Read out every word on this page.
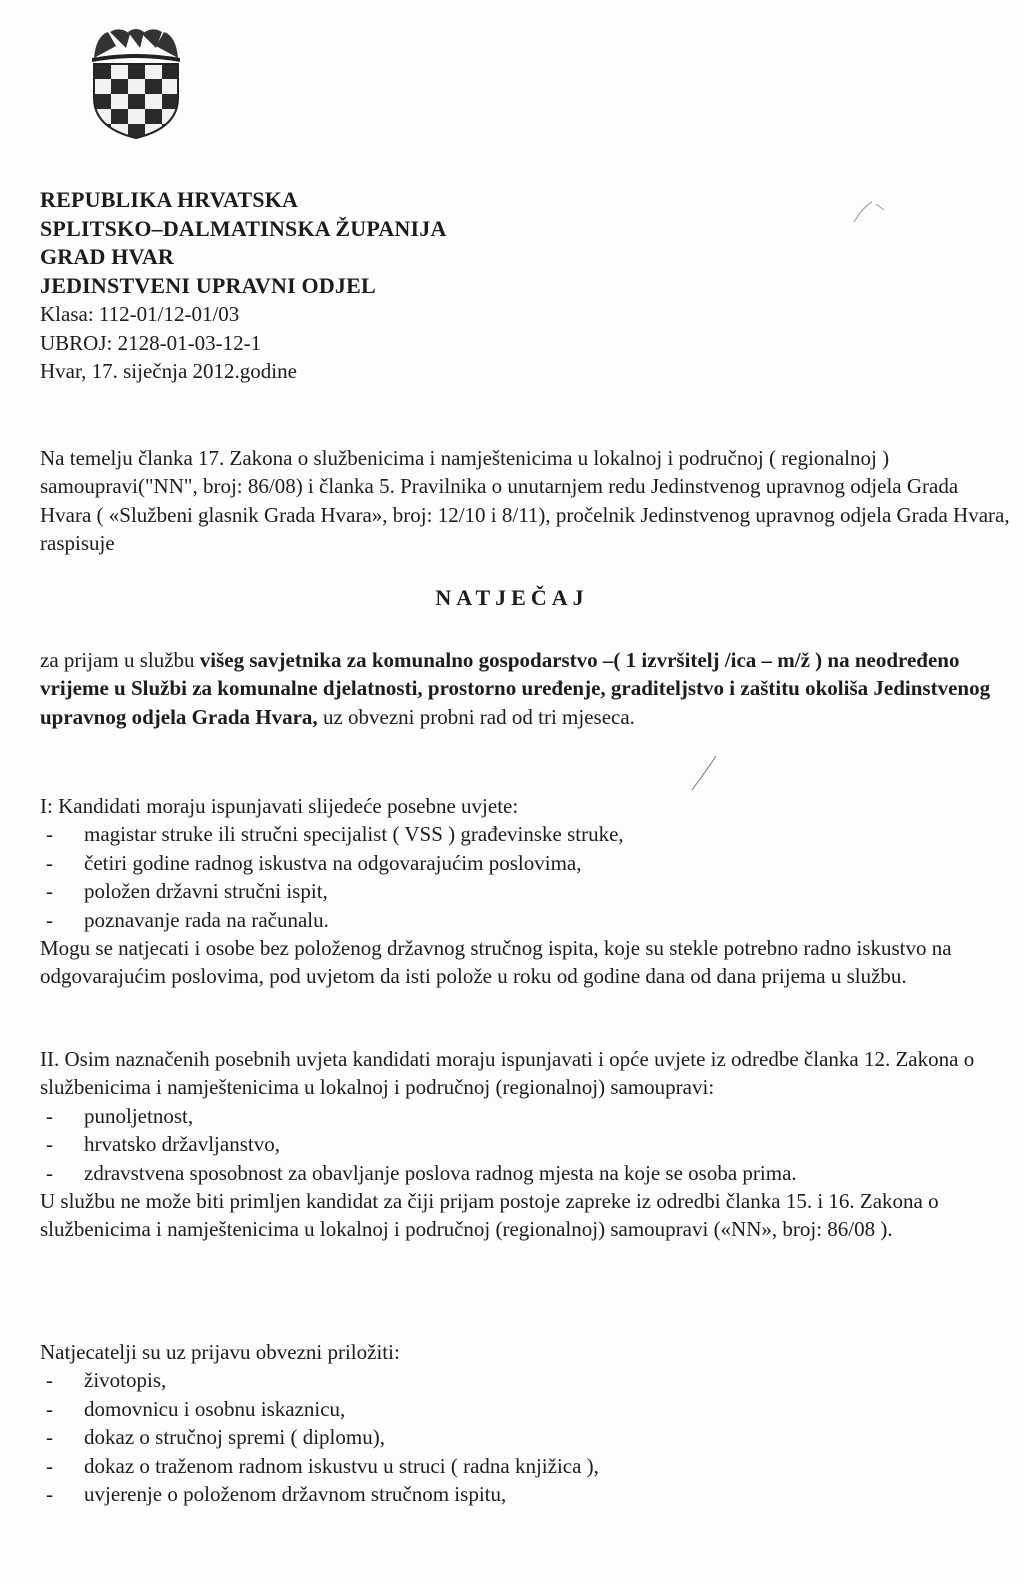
REPUBLIKA HRVATSKA
SPLITSKO–DALMATINSKA ŽUPANIJA
GRAD HVAR
JEDINSTVENI UPRAVNI ODJEL
Klasa: 112-01/12-01/03
UBROJ: 2128-01-03-12-1
Hvar, 17. siječnja 2012.godine
Na temelju članka 17. Zakona o službenicima i namještenicima u lokalnoj i područnoj ( regionalnoj ) samoupravi("NN", broj: 86/08) i članka 5. Pravilnika o unutarnjem redu Jedinstvenog upravnog odjela Grada Hvara ( «Službeni glasnik Grada Hvara», broj: 12/10 i 8/11), pročelnik Jedinstvenog upravnog odjela Grada Hvara, raspisuje
NATJEČAJ
za prijam u službu višeg savjetnika za komunalno gospodarstvo –( 1 izvršitelj /ica – m/ž ) na neodređeno vrijeme u Službi za komunalne djelatnosti, prostorno uređenje, graditeljstvo i zaštitu okoliša Jedinstvenog upravnog odjela Grada Hvara, uz obvezni probni rad od tri mjeseca.
I: Kandidati moraju ispunjavati slijedeće posebne uvjete:
- magistar struke ili stručni specijalist ( VSS ) građevinske struke,
- četiri godine radnog iskustva na odgovarajućim poslovima,
- položen državni stručni ispit,
- poznavanje rada na računalu.
Mogu se natjecati i osobe bez položenog državnog stručnog ispita, koje su stekle potrebno radno iskustvo na odgovarajućim poslovima, pod uvjetom da isti polože u roku od godine dana od dana prijema u službu.
II. Osim naznačenih posebnih uvjeta kandidati moraju ispunjavati i opće uvjete iz odredbe članka 12. Zakona o službenicima i namještenicima u lokalnoj i područnoj (regionalnoj) samoupravi:
- punoljetnost,
- hrvatsko državljanstvo,
- zdravstvena sposobnost za obavljanje poslova radnog mjesta na koje se osoba prima.
U službu ne može biti primljen kandidat za čiji prijam postoje zapreke iz odredbi članka 15. i 16. Zakona o službenicima i namještenicima u lokalnoj i područnoj (regionalnoj) samoupravi («NN», broj: 86/08 ).
Natjecatelji su uz prijavu obvezni priložiti:
- životopis,
- domovnicu i osobnu iskaznicu,
- dokaz o stručnoj spremi ( diplomu),
- dokaz o traženom radnom iskustvu u struci ( radna knjižica ),
- uvjerenje o položenom državnom stručnom ispitu,
